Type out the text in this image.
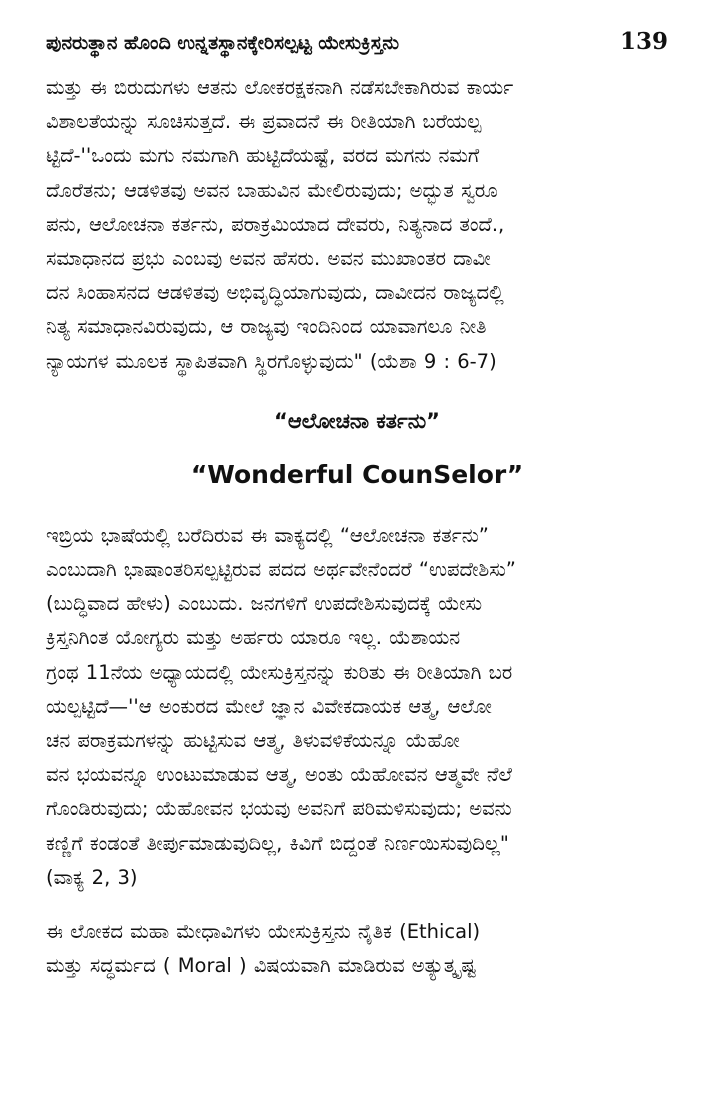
ಪುನರುತ್ಥಾನ ಹೊಂದಿ ಉನ್ನತಸ್ಥಾನಕ್ಕೇರಿಸಲ್ಪಟ್ಟ ಯೇಸುಕ್ರಿಸ್ತನು	139
ಮತ್ತು ಈ ಬಿರುದುಗಳು ಆತನು ಲೋಕರಕ್ಷಕನಾಗಿ ನಡೆಸಬೇಕಾಗಿರುವ ಕಾರ್ಯ
ವಿಶಾಲತೆಯನ್ನು ಸೂಚಿಸುತ್ತದೆ. ಈ ಪ್ರವಾದನೆ ಈ ರೀತಿಯಾಗಿ ಬರೆಯಲ್ಪ
ಟ್ಟಿದೆ-''ಒಂದು ಮಗು ನಮಗಾಗಿ ಹುಟ್ಟಿದೆಯಷ್ಟೆ, ವರದ ಮಗನು ನಮಗೆ
ದೊರೆತನು; ಆಡಳಿತವು ಅವನ ಬಾಹುವಿನ ಮೇಲಿರುವುದು; ಅದ್ಭುತ ಸ್ವರೂ
ಪನು, ಆಲೋಚನಾ ಕರ್ತನು, ಪರಾಕ್ರಮಿಯಾದ ದೇವರು, ನಿತ್ಯನಾದ ತಂದೆ.,
ಸಮಾಧಾನದ ಪ್ರಭು ಎಂಬವು ಅವನ ಹೆಸರು. ಅವನ ಮುಖಾಂತರ ದಾವೀ
ದನ ಸಿಂಹಾಸನದ ಆಡಳಿತವು ಅಭಿವೃದ್ಧಿಯಾಗುವುದು, ದಾವೀದನ ರಾಜ್ಯದಲ್ಲಿ
ನಿತ್ಯ ಸಮಾಧಾನವಿರುವುದು, ಆ ರಾಜ್ಯವು ಇಂದಿನಿಂದ ಯಾವಾಗಲೂ ನೀತಿ
ನ್ಯಾಯಗಳ ಮೂಲಕ ಸ್ಥಾಪಿತವಾಗಿ ಸ್ಥಿರಗೊಳ್ಳುವುದು" (ಯೆಶಾ 9 : 6-7)
“ಆಲೋಚನಾ ಕರ್ತನು”
“Wonderful CounSelor”
ಇಬ್ರಿಯ ಭಾಷೆಯಲ್ಲಿ ಬರೆದಿರುವ ಈ ವಾಕ್ಯದಲ್ಲಿ “ಆಲೋಚನಾ ಕರ್ತನು”
ಎಂಬುದಾಗಿ ಭಾಷಾಂತರಿಸಲ್ಪಟ್ಟಿರುವ ಪದದ ಅರ್ಥವೇನೆಂದರೆ “ಉಪದೇಶಿಸು”
(ಬುದ್ಧಿವಾದ ಹೇಳು) ಎಂಬುದು. ಜನಗಳಿಗೆ ಉಪದೇಶಿಸುವುದಕ್ಕೆ ಯೇಸು
ಕ್ರಿಸ್ತನಿಗಿಂತ ಯೋಗ್ಯರು ಮತ್ತು ಅರ್ಹರು ಯಾರೂ ಇಲ್ಲ. ಯೆಶಾಯನ
ಗ್ರಂಥ 11ನೆಯ ಅಧ್ಯಾಯದಲ್ಲಿ ಯೇಸುಕ್ರಿಸ್ತನನ್ನು ಕುರಿತು ಈ ರೀತಿಯಾಗಿ ಬರ
ಯಲ್ಪಟ್ಟಿದೆ—''ಆ ಅಂಕುರದ ಮೇಲೆ ಜ್ಞಾನ ವಿವೇಕದಾಯಕ ಆತ್ಮ, ಆಲೋ
ಚನ ಪರಾಕ್ರಮಗಳನ್ನು ಹುಟ್ಟಿಸುವ ಆತ್ಮ, ತಿಳುವಳಿಕೆಯನ್ನೂ ಯೆಹೋ
ವನ ಭಯವನ್ನೂ ಉಂಟುಮಾಡುವ ಆತ್ಮ, ಅಂತು ಯೆಹೋವನ ಆತ್ಮವೇ ನೆಲೆ
ಗೊಂಡಿರುವುದು; ಯೆಹೋವನ ಭಯವು ಅವನಿಗೆ ಪರಿಮಳಿಸುವುದು; ಅವನು
ಕಣ್ಣಿಗೆ ಕಂಡಂತೆ ತೀರ್ಪುಮಾಡುವುದಿಲ್ಲ, ಕಿವಿಗೆ ಬಿದ್ದಂತೆ ನಿರ್ಣಯಿಸುವುದಿಲ್ಲ"
(ವಾಕ್ಯ 2, 3)
ಈ ಲೋಕದ ಮಹಾ ಮೇಧಾವಿಗಳು ಯೇಸುಕ್ರಿಸ್ತನು ನೈತಿಕ (Ethical)
ಮತ್ತು ಸದ್ಧರ್ಮದ ( Moral ) ವಿಷಯವಾಗಿ ಮಾಡಿರುವ ಅತ್ಯುತ್ಕೃಷ್ಟ
